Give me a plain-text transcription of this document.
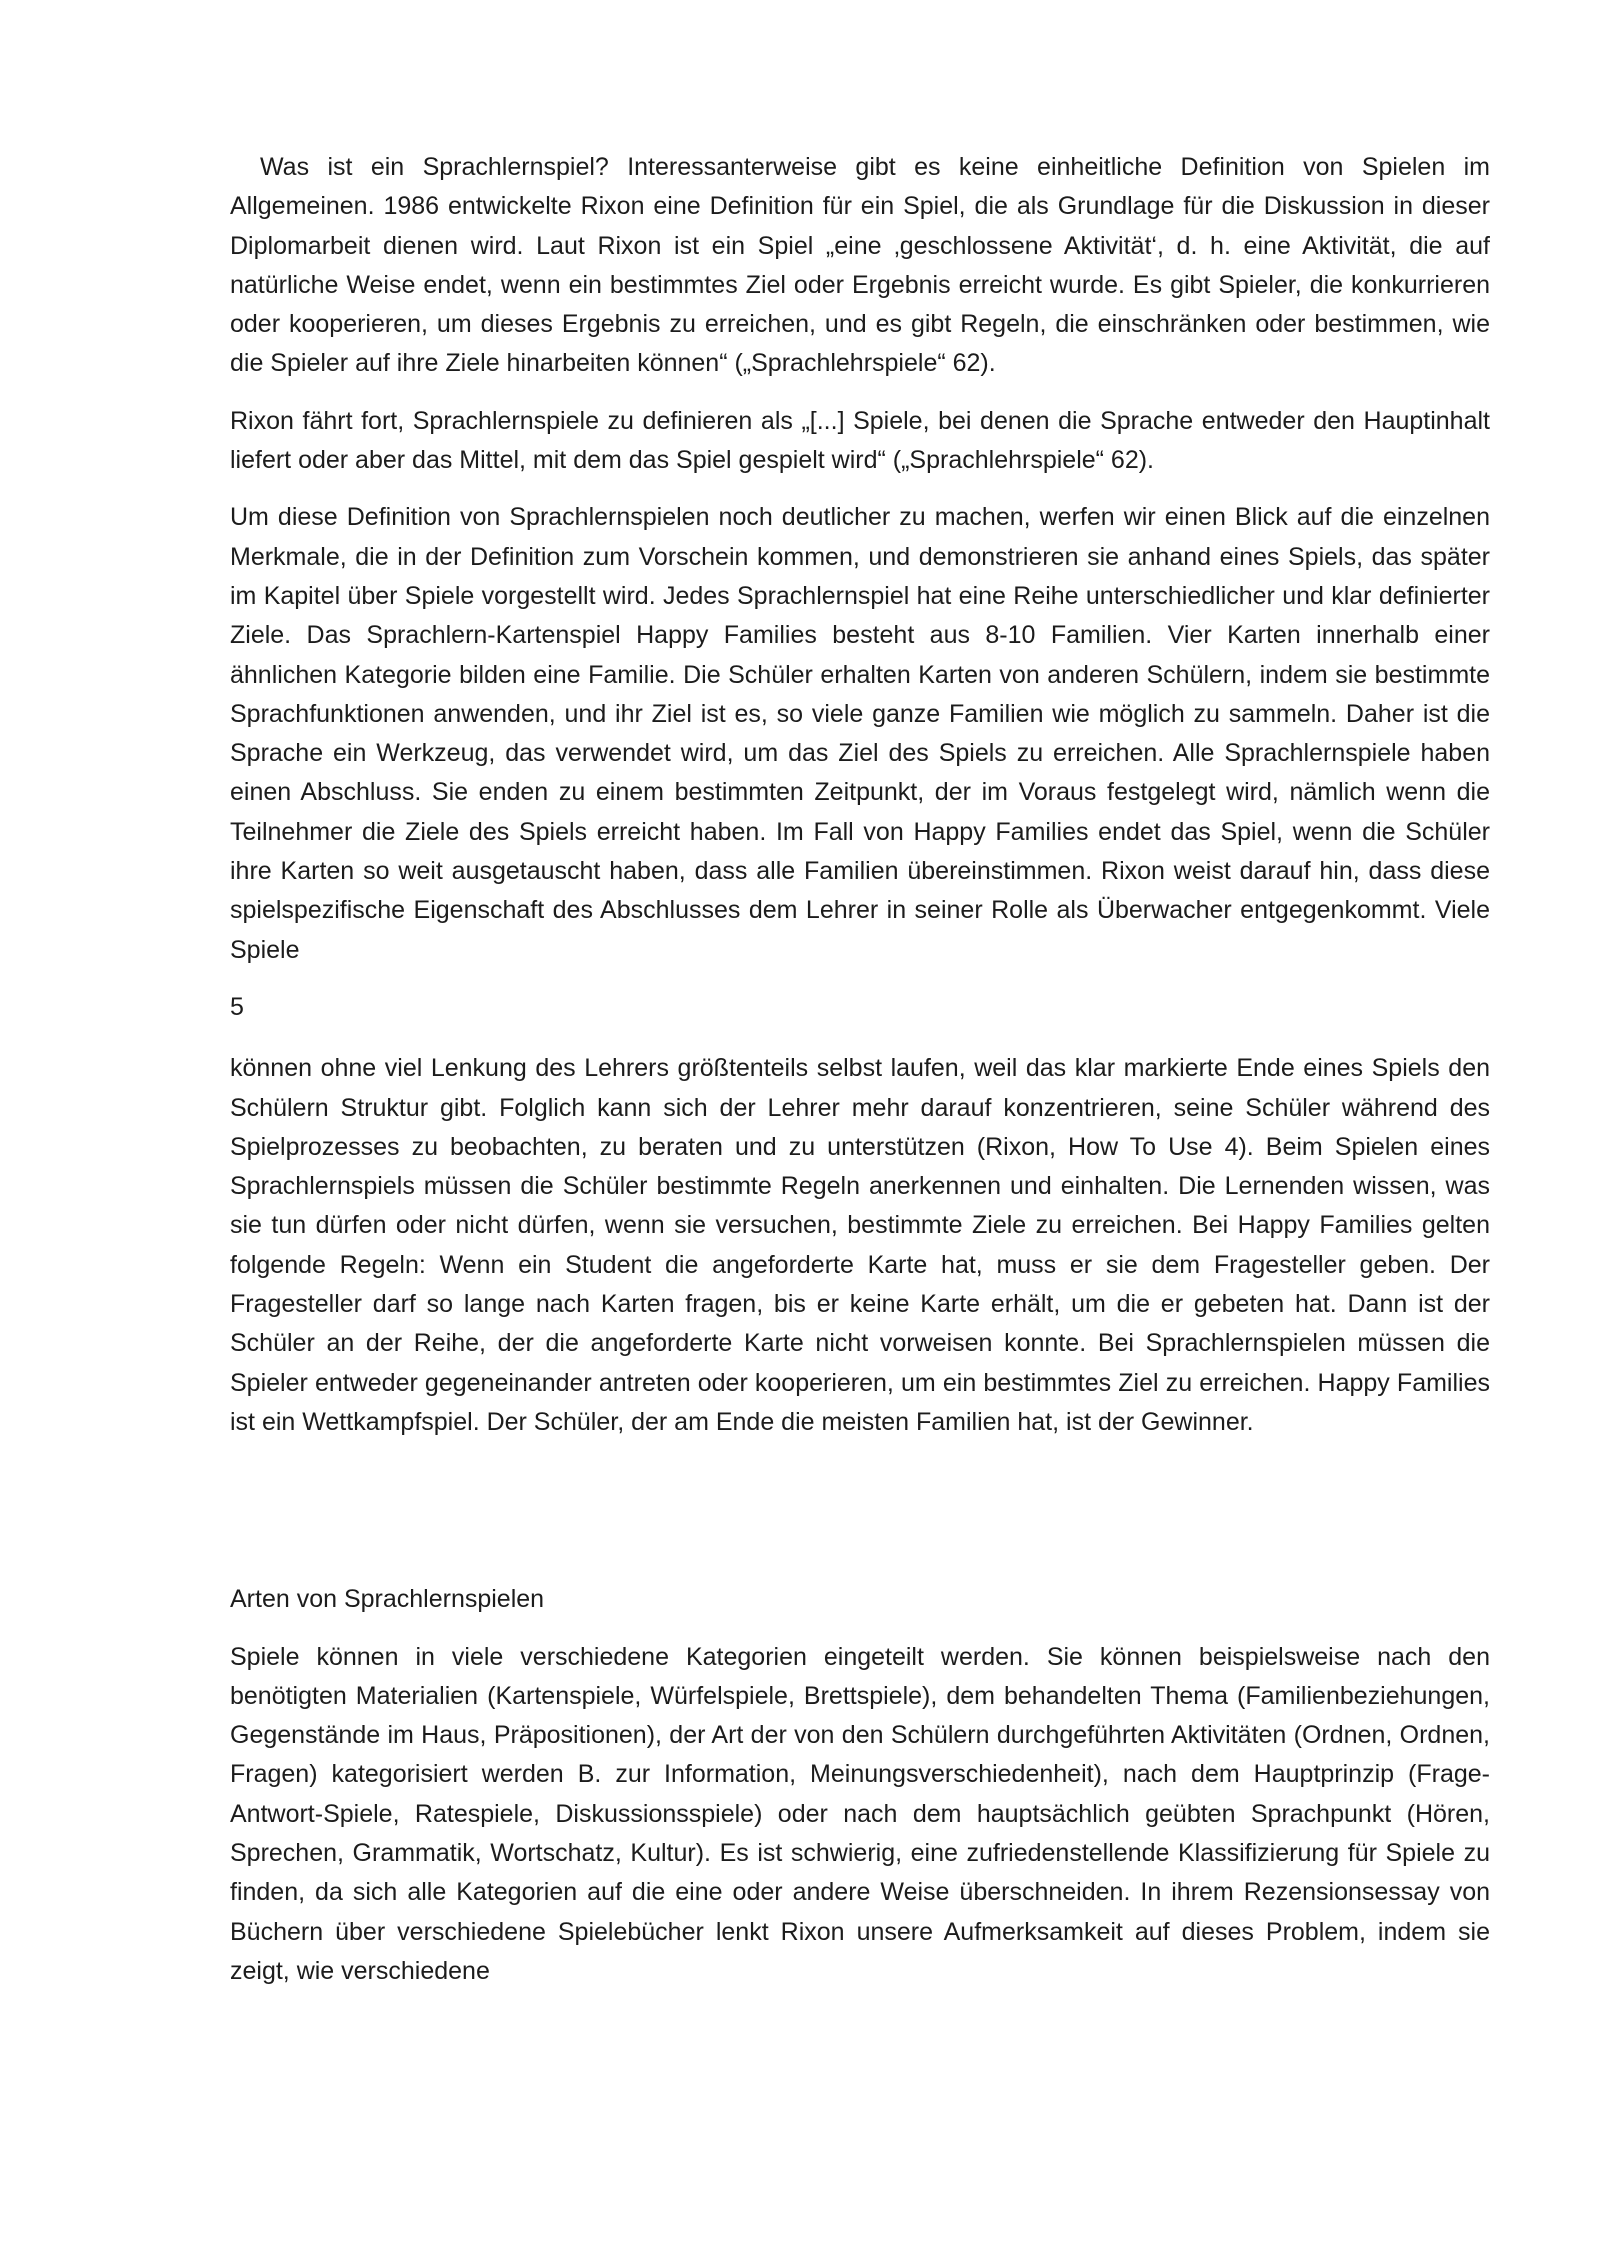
Was ist ein Sprachlernspiel? Interessanterweise gibt es keine einheitliche Definition von Spielen im Allgemeinen. 1986 entwickelte Rixon eine Definition für ein Spiel, die als Grundlage für die Diskussion in dieser Diplomarbeit dienen wird. Laut Rixon ist ein Spiel „eine ‚geschlossene Aktivität‘, d. h. eine Aktivität, die auf natürliche Weise endet, wenn ein bestimmtes Ziel oder Ergebnis erreicht wurde. Es gibt Spieler, die konkurrieren oder kooperieren, um dieses Ergebnis zu erreichen, und es gibt Regeln, die einschränken oder bestimmen, wie die Spieler auf ihre Ziele hinarbeiten können“ („Sprachlehrspiele“ 62).

Rixon fährt fort, Sprachlernspiele zu definieren als „[...] Spiele, bei denen die Sprache entweder den Hauptinhalt liefert oder aber das Mittel, mit dem das Spiel gespielt wird“ („Sprachlehrspiele“ 62).

Um diese Definition von Sprachlernspielen noch deutlicher zu machen, werfen wir einen Blick auf die einzelnen Merkmale, die in der Definition zum Vorschein kommen, und demonstrieren sie anhand eines Spiels, das später im Kapitel über Spiele vorgestellt wird. Jedes Sprachlernspiel hat eine Reihe unterschiedlicher und klar definierter Ziele. Das Sprachlern-Kartenspiel Happy Families besteht aus 8-10 Familien. Vier Karten innerhalb einer ähnlichen Kategorie bilden eine Familie. Die Schüler erhalten Karten von anderen Schülern, indem sie bestimmte Sprachfunktionen anwenden, und ihr Ziel ist es, so viele ganze Familien wie möglich zu sammeln. Daher ist die Sprache ein Werkzeug, das verwendet wird, um das Ziel des Spiels zu erreichen. Alle Sprachlernspiele haben einen Abschluss. Sie enden zu einem bestimmten Zeitpunkt, der im Voraus festgelegt wird, nämlich wenn die Teilnehmer die Ziele des Spiels erreicht haben. Im Fall von Happy Families endet das Spiel, wenn die Schüler ihre Karten so weit ausgetauscht haben, dass alle Familien übereinstimmen. Rixon weist darauf hin, dass diese spielspezifische Eigenschaft des Abschlusses dem Lehrer in seiner Rolle als Überwacher entgegenkommt. Viele Spiele

5

können ohne viel Lenkung des Lehrers größtenteils selbst laufen, weil das klar markierte Ende eines Spiels den Schülern Struktur gibt. Folglich kann sich der Lehrer mehr darauf konzentrieren, seine Schüler während des Spielprozesses zu beobachten, zu beraten und zu unterstützen (Rixon, How To Use 4). Beim Spielen eines Sprachlernspiels müssen die Schüler bestimmte Regeln anerkennen und einhalten. Die Lernenden wissen, was sie tun dürfen oder nicht dürfen, wenn sie versuchen, bestimmte Ziele zu erreichen. Bei Happy Families gelten folgende Regeln: Wenn ein Student die angeforderte Karte hat, muss er sie dem Fragesteller geben. Der Fragesteller darf so lange nach Karten fragen, bis er keine Karte erhält, um die er gebeten hat. Dann ist der Schüler an der Reihe, der die angeforderte Karte nicht vorweisen konnte. Bei Sprachlernspielen müssen die Spieler entweder gegeneinander antreten oder kooperieren, um ein bestimmtes Ziel zu erreichen. Happy Families ist ein Wettkampfspiel. Der Schüler, der am Ende die meisten Familien hat, ist der Gewinner.

Arten von Sprachlernspielen

Spiele können in viele verschiedene Kategorien eingeteilt werden. Sie können beispielsweise nach den benötigten Materialien (Kartenspiele, Würfelspiele, Brettspiele), dem behandelten Thema (Familienbeziehungen, Gegenstände im Haus, Präpositionen), der Art der von den Schülern durchgeführten Aktivitäten (Ordnen, Ordnen, Fragen) kategorisiert werden B. zur Information, Meinungsverschiedenheit), nach dem Hauptprinzip (Frage-Antwort-Spiele, Ratespiele, Diskussionsspiele) oder nach dem hauptsächlich geübten Sprachpunkt (Hören, Sprechen, Grammatik, Wortschatz, Kultur). Es ist schwierig, eine zufriedenstellende Klassifizierung für Spiele zu finden, da sich alle Kategorien auf die eine oder andere Weise überschneiden. In ihrem Rezensionsessay von Büchern über verschiedene Spielebücher lenkt Rixon unsere Aufmerksamkeit auf dieses Problem, indem sie zeigt, wie verschiedene
